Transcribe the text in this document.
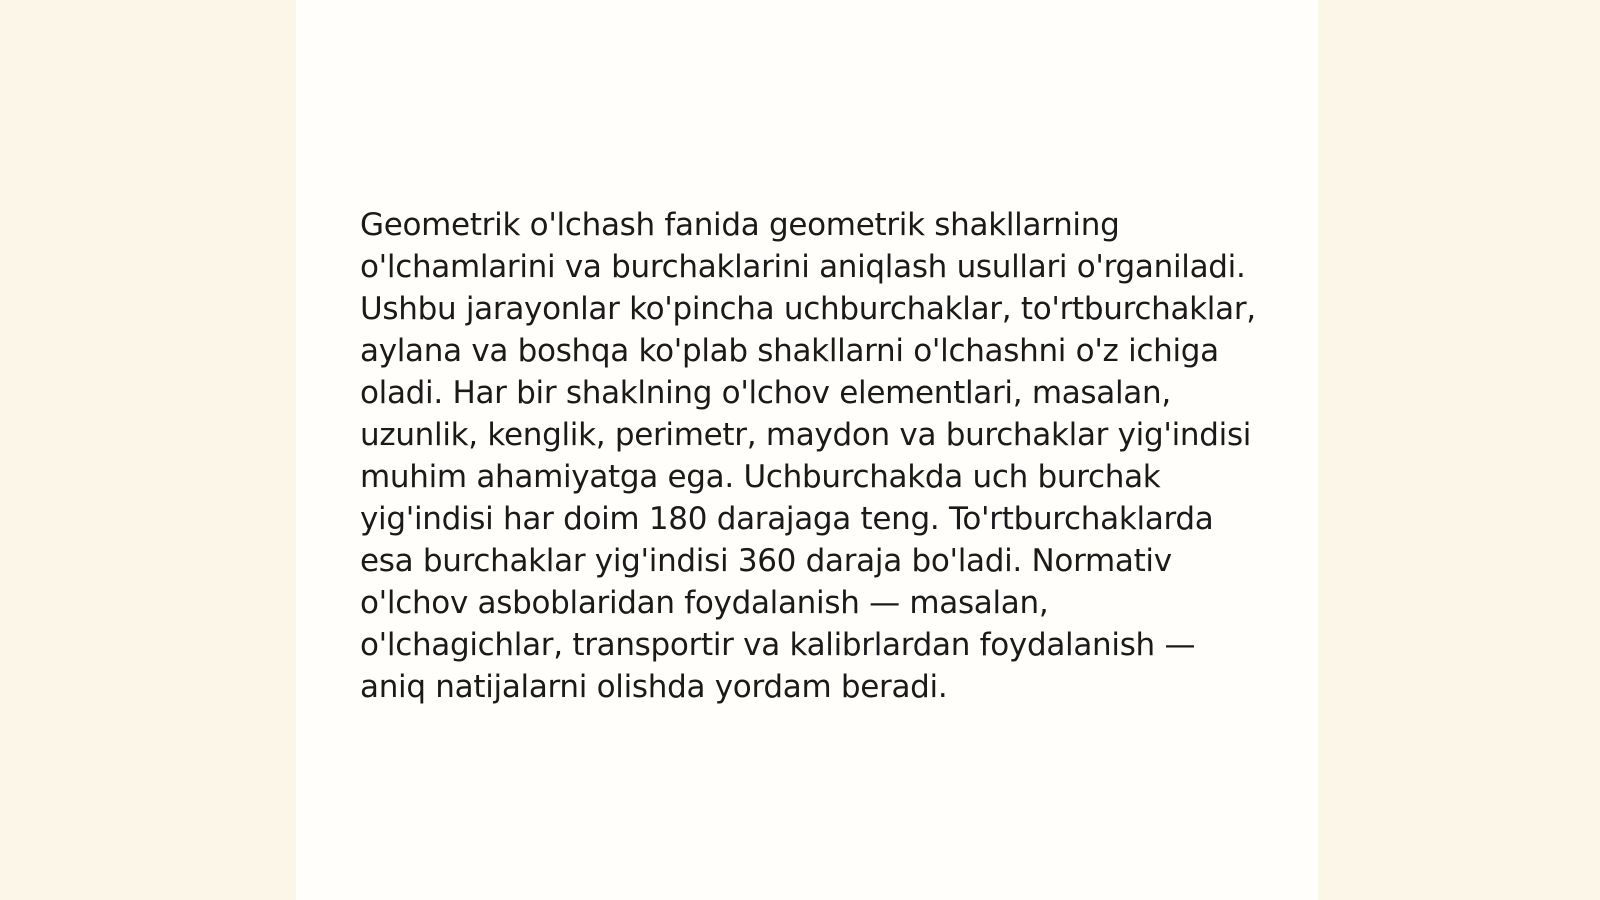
Geometrik o'lchash fanida geometrik shakllarning o'lchamlarini va burchaklarini aniqlash usullari o'rganiladi. Ushbu jarayonlar ko'pincha uchburchaklar, to'rtburchaklar, aylana va boshqa ko'plab shakllarni o'lchashni o'z ichiga oladi. Har bir shaklning o'lchov elementlari, masalan, uzunlik, kenglik, perimetr, maydon va burchaklar yig'indisi muhim ahamiyatga ega. Uchburchakda uch burchak yig'indisi har doim 180 darajaga teng. To'rtburchaklarda esa burchaklar yig'indisi 360 daraja bo'ladi. Normativ o'lchov asboblaridan foydalanish — masalan, o'lchagichlar, transportir va kalibrlardan foydalanish — aniq natijalarni olishda yordam beradi.
